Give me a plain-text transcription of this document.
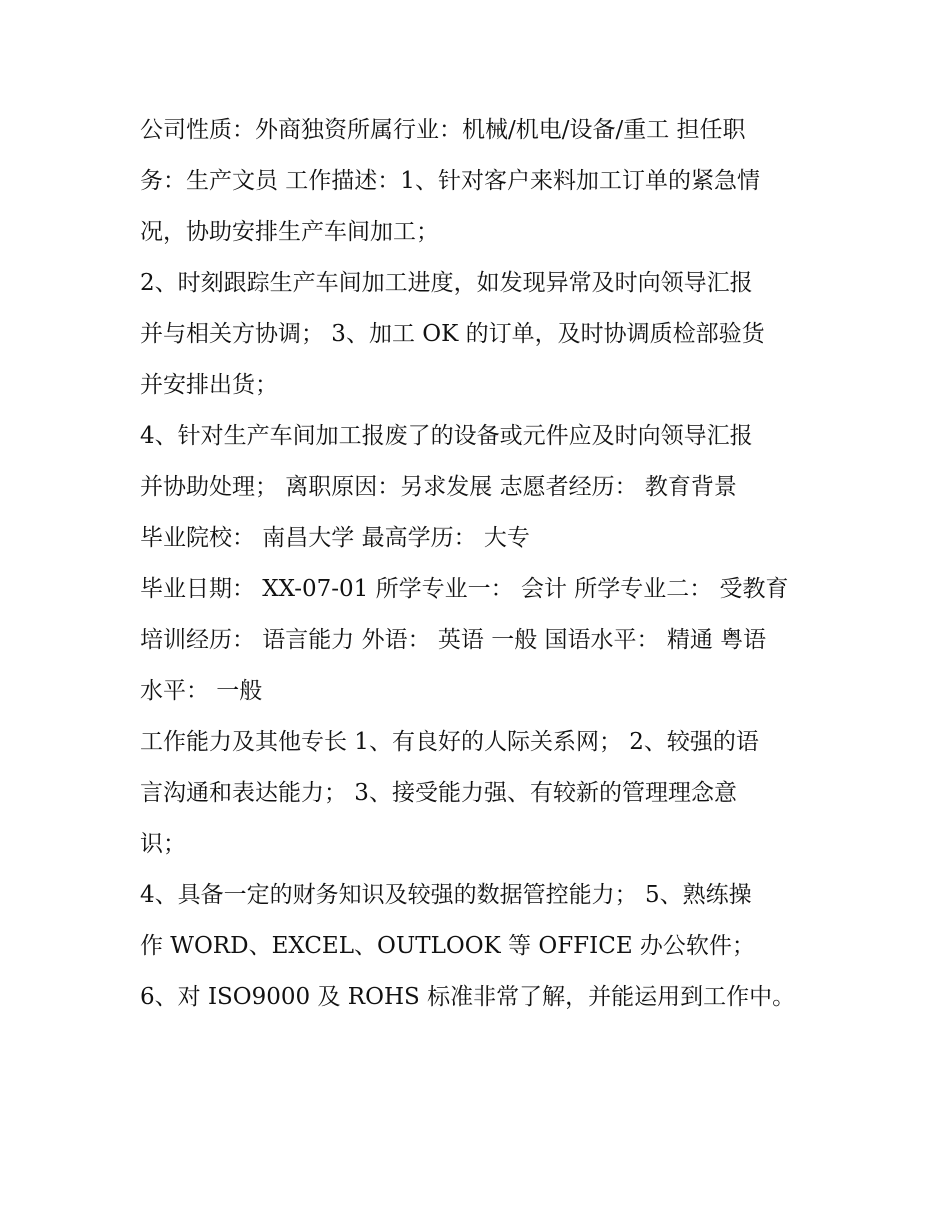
公司性质：外商独资所属行业：机械/机电/设备/重工 担任职
务：生产文员 工作描述：1、针对客户来料加工订单的紧急情
况，协助安排生产车间加工；
2、时刻跟踪生产车间加工进度，如发现异常及时向领导汇报
并与相关方协调； 3、加工 OK 的订单，及时协调质检部验货
并安排出货；
4、针对生产车间加工报废了的设备或元件应及时向领导汇报
并协助处理； 离职原因：另求发展 志愿者经历： 教育背景
毕业院校： 南昌大学 最高学历： 大专
毕业日期： XX-07-01 所学专业一： 会计 所学专业二： 受教育
培训经历： 语言能力 外语： 英语 一般 国语水平： 精通 粤语
水平： 一般
工作能力及其他专长 1、有良好的人际关系网； 2、较强的语
言沟通和表达能力； 3、接受能力强、有较新的管理理念意
识；
4、具备一定的财务知识及较强的数据管控能力； 5、熟练操
作 WORD、EXCEL、OUTLOOK 等 OFFICE 办公软件；
6、对 ISO9000 及 ROHS 标准非常了解，并能运用到工作中。
